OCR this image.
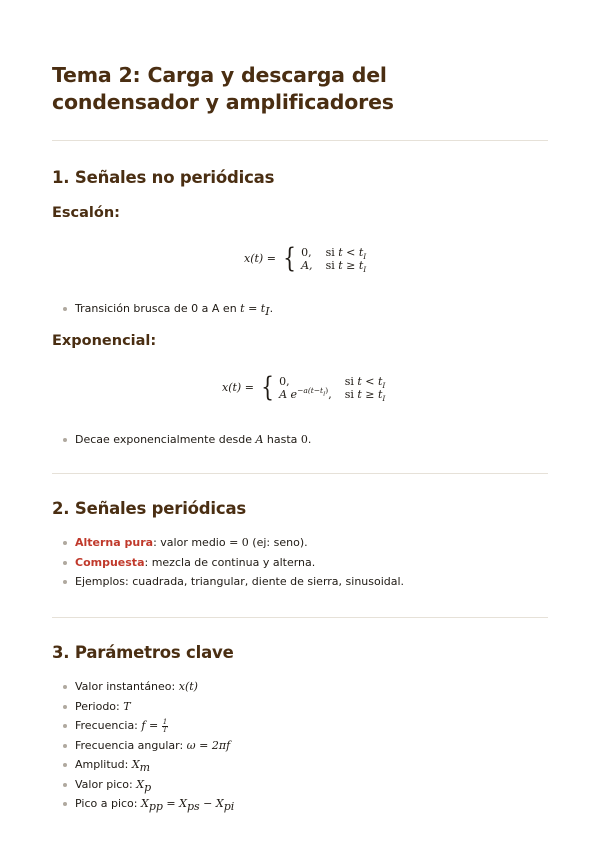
Tema 2: Carga y descarga del condensador y amplificadores
1. Señales no periódicas
Escalón:
x(t) = { 0,	si $t < t_I$
A,	si $t \ge t_I$
Transición brusca de 0 a A en $t = t_I$.
Exponencial:
x(t) = { 0,	si $t < t_I$
A $e^{-a(t-t_I)}$,	si $t \ge t_I$
Decae exponencialmente desde A hasta 0.
2. Señales periódicas
Alterna pura: valor medio = 0 (ej: seno).
Compuesta: mezcla de continua y alterna.
Ejemplos: cuadrada, triangular, diente de sierra, sinusoidal.
3. Parámetros clave
Valor instantáneo: x(t)
Periodo: T
Frecuencia: $f = \frac{1}{T}$
Frecuencia angular: ω = 2πf
Amplitud: $X_m$
Valor pico: $X_p$
Pico a pico: $X_{pp} = X_{ps} - X_{pi}$
